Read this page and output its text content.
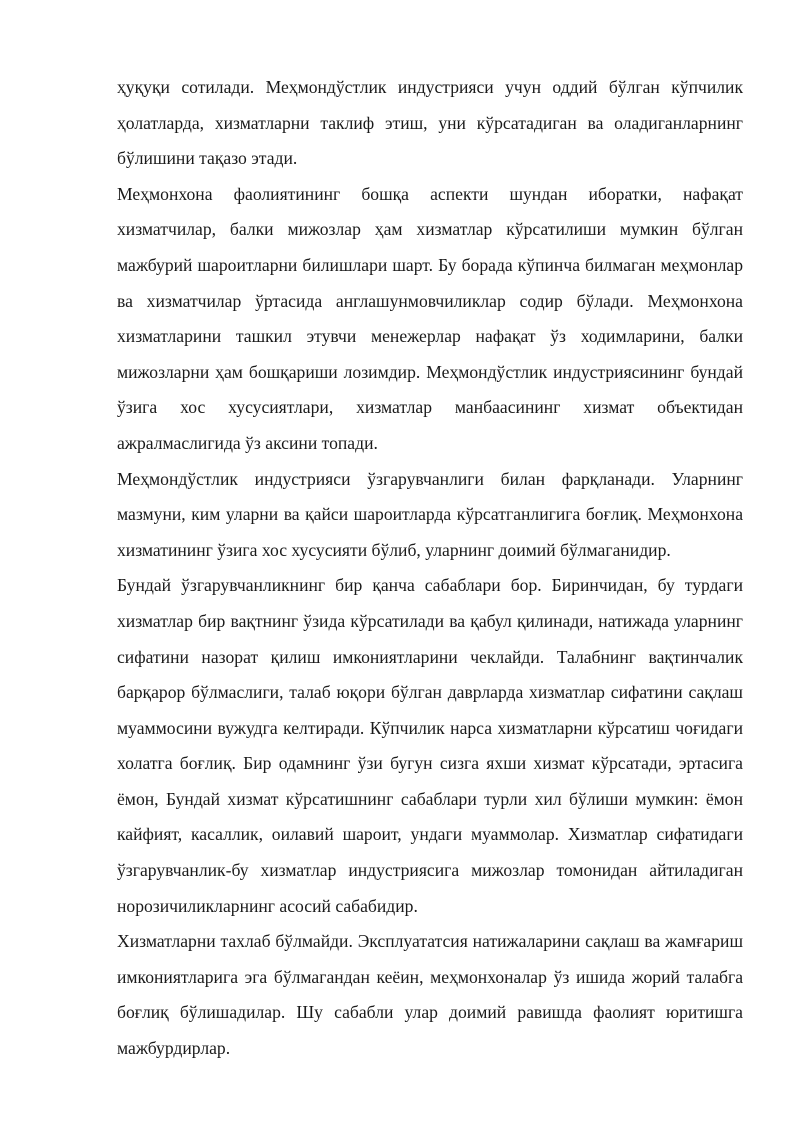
ҳуқуқи сотилади. Меҳмондўстлик индустрияси учун оддий бўлган кўпчилик ҳолатларда, хизматларни таклиф этиш, уни кўрсатадиган ва оладиганларнинг бўлишини тақазо этади.

Меҳмонхона фаолиятининг бошқа аспекти шундан иборатки, нафақат хизматчилар, балки мижозлар ҳам хизматлар кўрсатилиши мумкин бўлган мажбурий шароитларни билишлари шарт. Бу борада кўпинча билмаган меҳмонлар ва хизматчилар ўртасида англашунмовчиликлар содир бўлади. Меҳмонхона хизматларини ташкил этувчи менежерлар нафақат ўз ходимларини, балки мижозларни ҳам бошқариши лозимдир. Меҳмондўстлик индустриясининг бундай ўзига хос хусусиятлари, хизматлар манбаасининг хизмат объектидан ажралмаслигида ўз аксини топади.

Меҳмондўстлик индустрияси ўзгарувчанлиги билан фарқланади. Уларнинг мазмуни, ким уларни ва қайси шароитларда кўрсатганлигига боғлиқ. Меҳмонхона хизматининг ўзига хос хусусияти бўлиб, уларнинг доимий бўлмаганидир.

Бундай ўзгарувчанликнинг бир қанча сабаблари бор. Биринчидан, бу турдаги хизматлар бир вақтнинг ўзида кўрсатилади ва қабул қилинади, натижада уларнинг сифатини назорат қилиш имкониятларини чеклайди. Талабнинг вақтинчалик барқарор бўлмаслиги, талаб юқори бўлган даврларда хизматлар сифатини сақлаш муаммосини вужудга келтиради. Кўпчилик нарса хизматларни кўрсатиш чоғидаги холатга боғлиқ. Бир одамнинг ўзи бугун сизга яхши хизмат кўрсатади, эртасига ёмон, Бундай хизмат кўрсатишнинг сабаблари турли хил бўлиши мумкин: ёмон кайфият, касаллик, оилавий шароит, ундаги муаммолар. Хизматлар сифатидаги ўзгарувчанлик-бу хизматлар индустриясига мижозлар томонидан айтиладиган норозичиликларнинг асосий сабабидир.

Хизматларни тахлаб бўлмайди. Эксплуататсия натижаларини сақлаш ва жамғариш имкониятларига эга бўлмагандан кеёин, меҳмонхоналар ўз ишида жорий талабга боғлиқ бўлишадилар. Шу сабабли улар доимий равишда фаолият юритишга мажбурдирлар.
